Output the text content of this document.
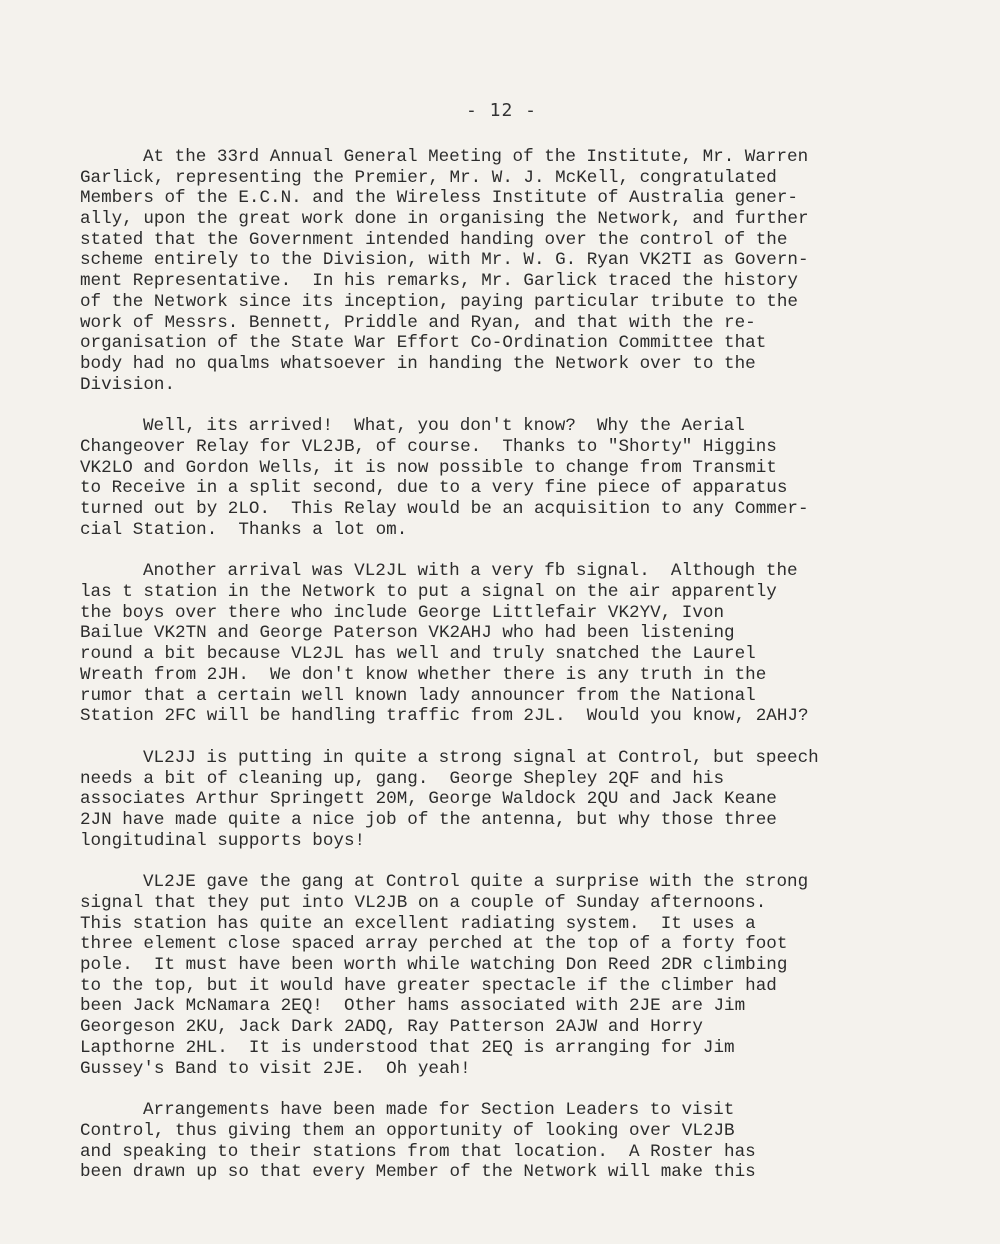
- 12 -
At the 33rd Annual General Meeting of the Institute, Mr. Warren
Garlick, representing the Premier, Mr. W. J. McKell, congratulated
Members of the E.C.N. and the Wireless Institute of Australia gener-
ally, upon the great work done in organising the Network, and further
stated that the Government intended handing over the control of the
scheme entirely to the Division, with Mr. W. G. Ryan VK2TI as Govern-
ment Representative.  In his remarks, Mr. Garlick traced the history
of the Network since its inception, paying particular tribute to the
work of Messrs. Bennett, Priddle and Ryan, and that with the re-
organisation of the State War Effort Co-Ordination Committee that
body had no qualms whatsoever in handing the Network over to the
Division.
Well, its arrived!  What, you don't know?  Why the Aerial
Changeover Relay for VL2JB, of course.  Thanks to "Shorty" Higgins
VK2LO and Gordon Wells, it is now possible to change from Transmit
to Receive in a split second, due to a very fine piece of apparatus
turned out by 2LO.  This Relay would be an acquisition to any Commer-
cial Station.  Thanks a lot om.
Another arrival was VL2JL with a very fb signal.  Although the
las t station in the Network to put a signal on the air apparently
the boys over there who include George Littlefair VK2YV, Ivon
Bailue VK2TN and George Paterson VK2AHJ who had been listening
round a bit because VL2JL has well and truly snatched the Laurel
Wreath from 2JH.  We don't know whether there is any truth in the
rumor that a certain well known lady announcer from the National
Station 2FC will be handling traffic from 2JL.  Would you know, 2AHJ?
VL2JJ is putting in quite a strong signal at Control, but speech
needs a bit of cleaning up, gang.  George Shepley 2QF and his
associates Arthur Springett 20M, George Waldock 2QU and Jack Keane
2JN have made quite a nice job of the antenna, but why those three
longitudinal supports boys!
VL2JE gave the gang at Control quite a surprise with the strong
signal that they put into VL2JB on a couple of Sunday afternoons.
This station has quite an excellent radiating system.  It uses a
three element close spaced array perched at the top of a forty foot
pole.  It must have been worth while watching Don Reed 2DR climbing
to the top, but it would have greater spectacle if the climber had
been Jack McNamara 2EQ!  Other hams associated with 2JE are Jim
Georgeson 2KU, Jack Dark 2ADQ, Ray Patterson 2AJW and Horry
Lapthorne 2HL.  It is understood that 2EQ is arranging for Jim
Gussey's Band to visit 2JE.  Oh yeah!
Arrangements have been made for Section Leaders to visit
Control, thus giving them an opportunity of looking over VL2JB
and speaking to their stations from that location.  A Roster has
been drawn up so that every Member of the Network will make this
